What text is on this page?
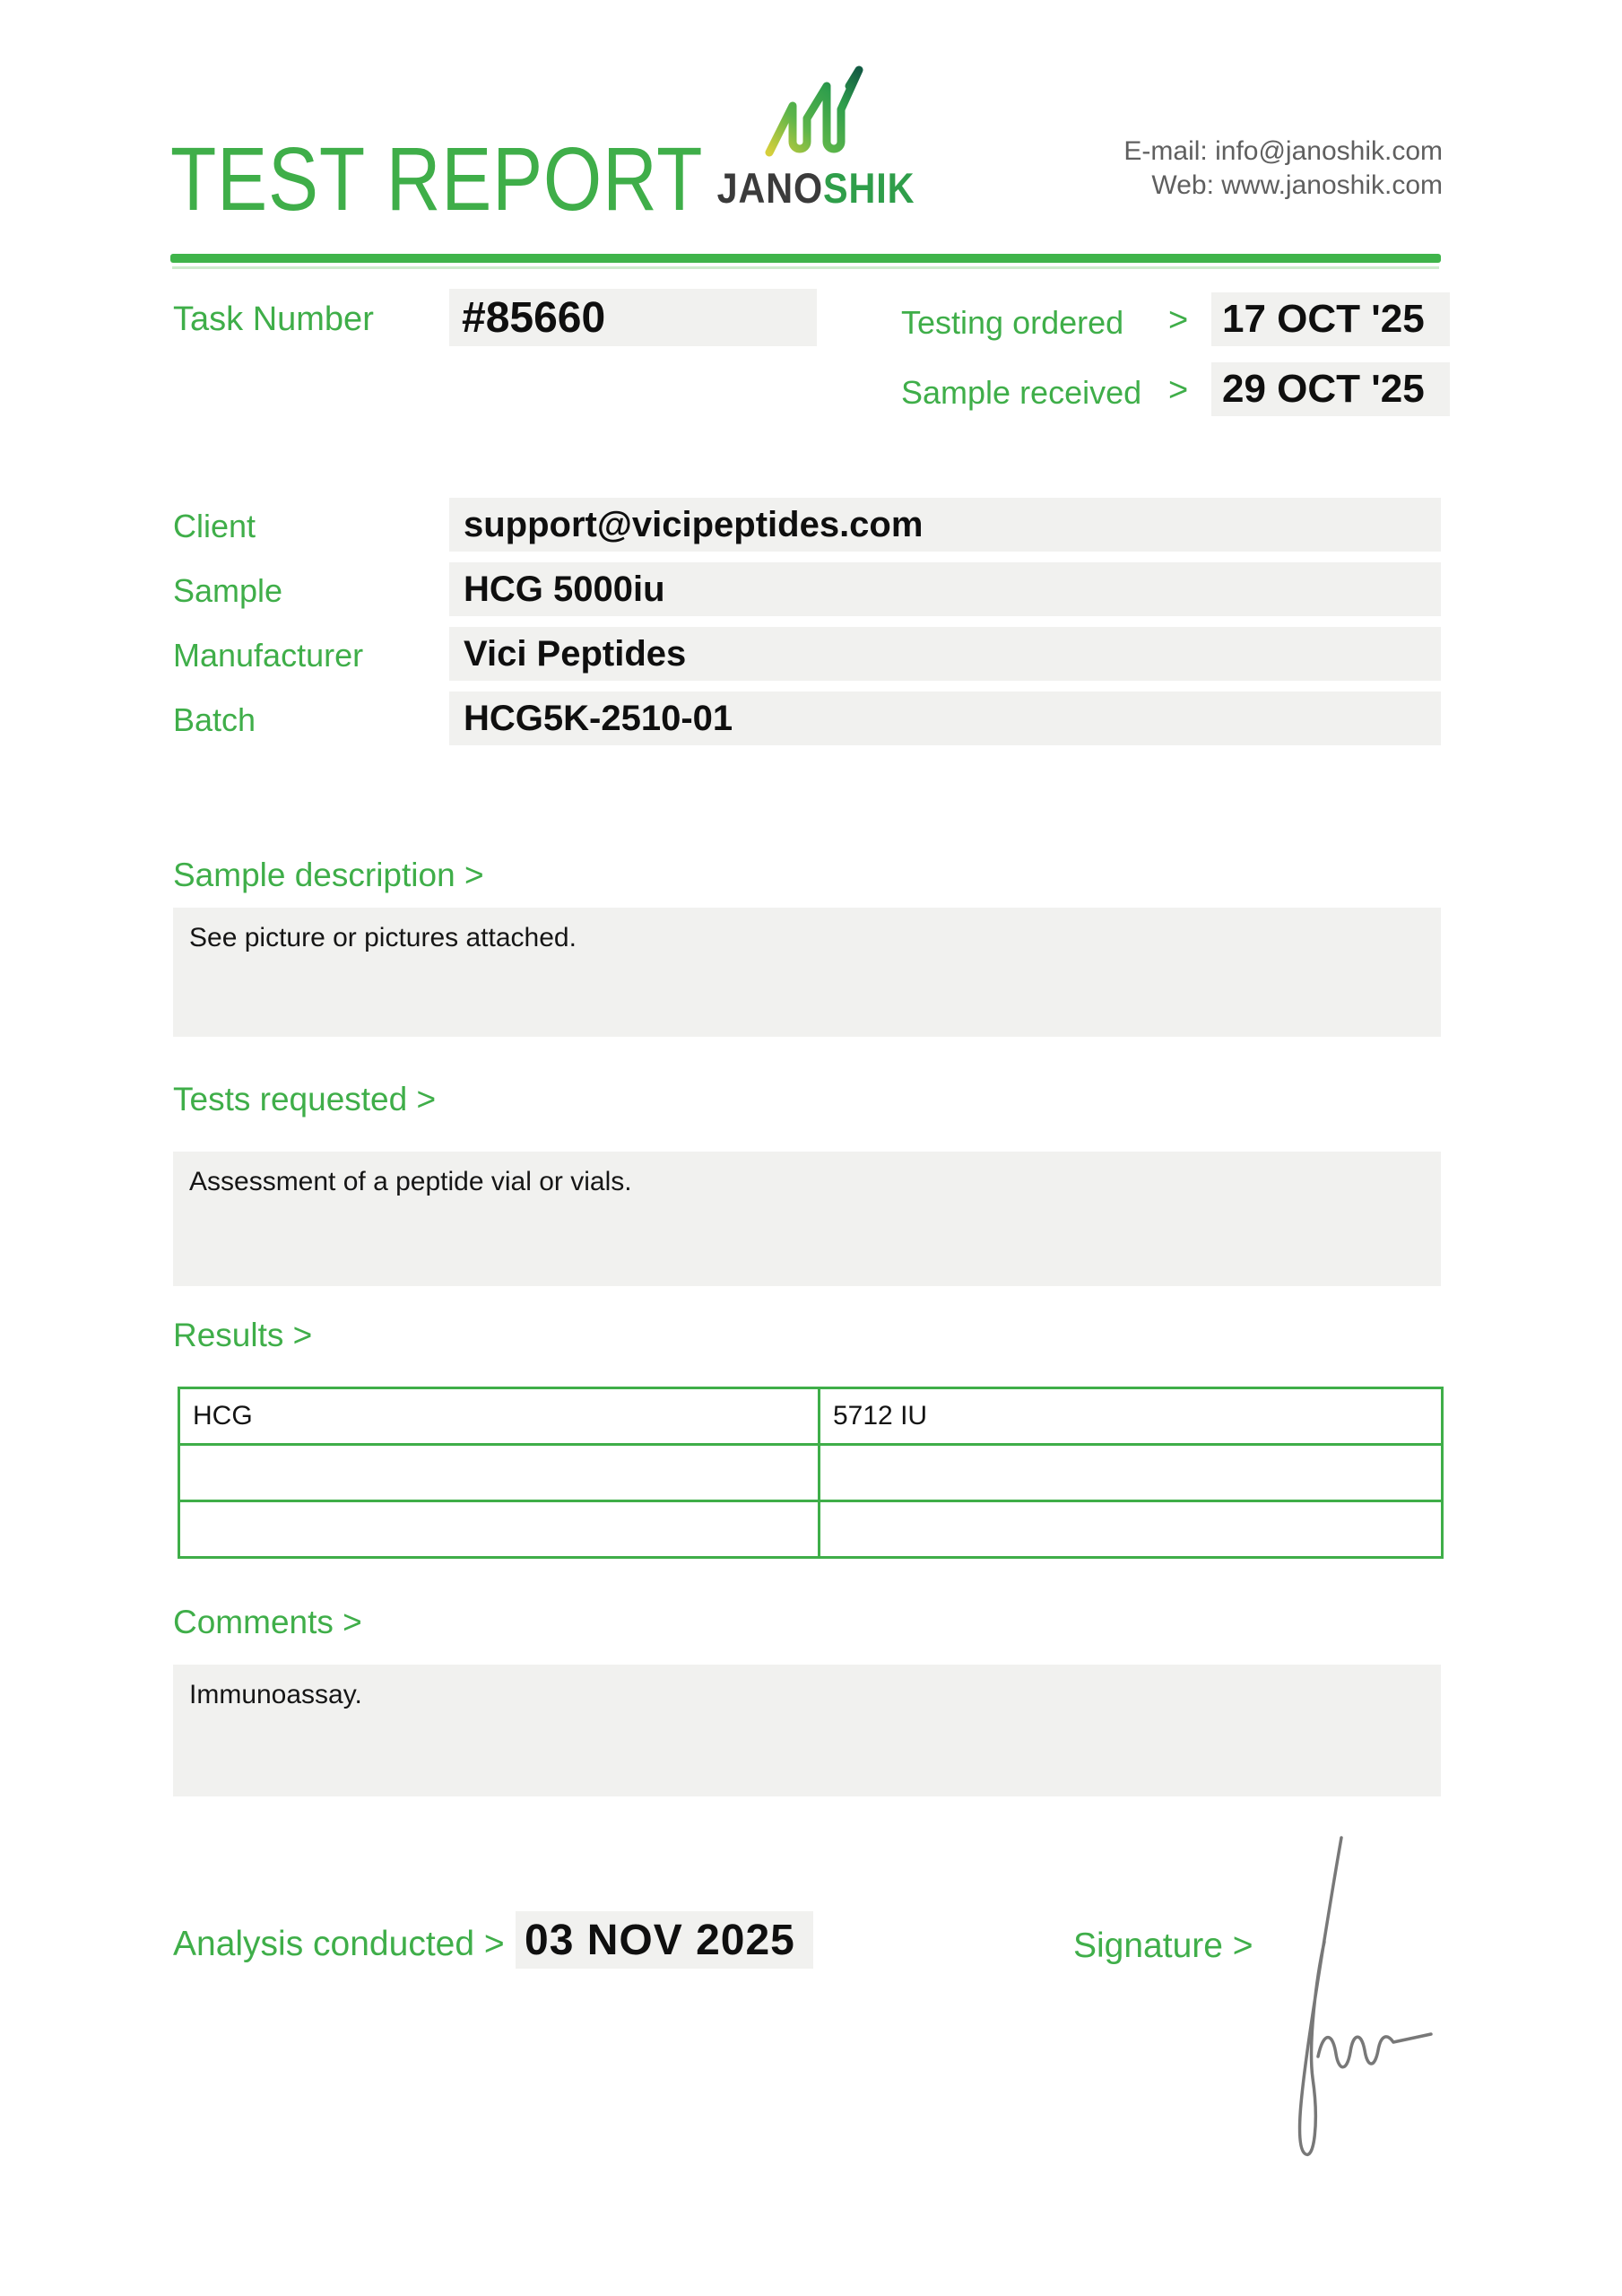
TEST REPORT JANOSHIK
E-mail: info@janoshik.com
Web: www.janoshik.com
Task Number #85660	Testing ordered > 17 OCT '25
Sample received > 29 OCT '25
Client	support@vicipeptides.com
Sample	HCG 5000iu
Manufacturer	Vici Peptides
Batch	HCG5K-2510-01
Sample description >
See picture or pictures attached.
Tests requested >
Assessment of a peptide vial or vials.
Results >
HCG	5712 IU

Comments >
Immunoassay.
Analysis conducted > 03 NOV 2025	Signature >
